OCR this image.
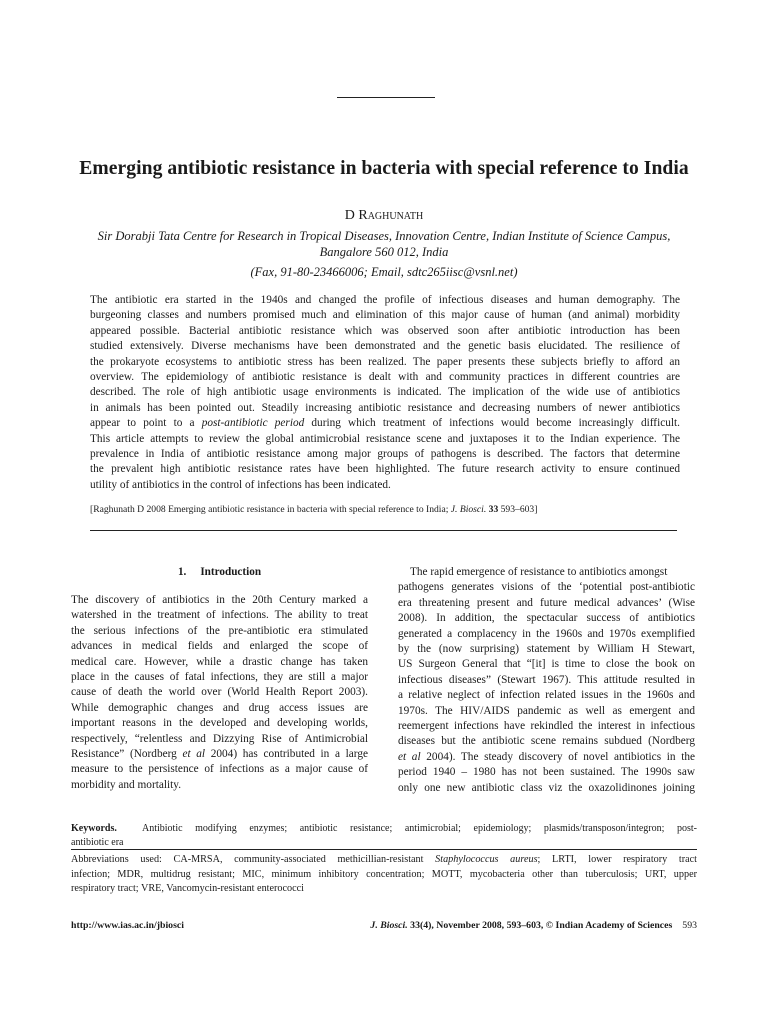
Emerging antibiotic resistance in bacteria with special reference to India
D Raghunath
Sir Dorabji Tata Centre for Research in Tropical Diseases, Innovation Centre, Indian Institute of Science Campus,
Bangalore 560 012, India
(Fax, 91-80-23466006; Email, sdtc265iisc@vsnl.net)
The antibiotic era started in the 1940s and changed the profile of infectious diseases and human demography. The
burgeoning classes and numbers promised much and elimination of this major cause of human (and animal) morbidity
appeared possible. Bacterial antibiotic resistance which was observed soon after antibiotic introduction has been
studied extensively. Diverse mechanisms have been demonstrated and the genetic basis elucidated. The resilience of
the prokaryote ecosystems to antibiotic stress has been realized. The paper presents these subjects briefly to afford an
overview. The epidemiology of antibiotic resistance is dealt with and community practices in different countries are
described. The role of high antibiotic usage environments is indicated. The implication of the wide use of antibiotics
in animals has been pointed out. Steadily increasing antibiotic resistance and decreasing numbers of newer antibiotics
appear to point to a post-antibiotic period during which treatment of infections would become increasingly difficult.
This article attempts to review the global antimicrobial resistance scene and juxtaposes it to the Indian experience. The
prevalence in India of antibiotic resistance among major groups of pathogens is described. The factors that determine
the prevalent high antibiotic resistance rates have been highlighted. The future research activity to ensure continued
utility of antibiotics in the control of infections has been indicated.
[Raghunath D 2008 Emerging antibiotic resistance in bacteria with special reference to India; J. Biosci. 33 593–603]
1. Introduction
The discovery of antibiotics in the 20th Century marked a
watershed in the treatment of infections. The ability to treat
the serious infections of the pre-antibiotic era stimulated
advances in medical fields and enlarged the scope of
medical care. However, while a drastic change has taken
place in the causes of fatal infections, they are still a major
cause of death the world over (World Health Report 2003).
While demographic changes and drug access issues are
important reasons in the developed and developing worlds,
respectively, “relentless and Dizzying Rise of Antimicrobial
Resistance” (Nordberg et al 2004) has contributed in a large
measure to the persistence of infections as a major cause of
morbidity and mortality.
The rapid emergence of resistance to antibiotics amongst
pathogens generates visions of the ‘potential post-antibiotic
era threatening present and future medical advances’ (Wise
2008). In addition, the spectacular success of antibiotics
generated a complacency in the 1960s and 1970s exemplified
by the (now surprising) statement by William H Stewart,
US Surgeon General that “[it] is time to close the book on
infectious diseases” (Stewart 1967). This attitude resulted in
a relative neglect of infection related issues in the 1960s and
1970s. The HIV/AIDS pandemic as well as emergent and
reemergent infections have rekindled the interest in infectious
diseases but the antibiotic scene remains subdued (Nordberg
et al 2004). The steady discovery of novel antibiotics in the
period 1940 – 1980 has not been sustained. The 1990s saw
only one new antibiotic class viz the oxazolidinones joining
Keywords.	Antibiotic modifying enzymes; antibiotic resistance; antimicrobial; epidemiology; plasmids/transposon/integron; post-
antibiotic era
Abbreviations used: CA-MRSA, community-associated methicillian-resistant Staphylococcus aureus; LRTI, lower respiratory tract
infection; MDR, multidrug resistant; MIC, minimum inhibitory concentration; MOTT, mycobacteria other than tuberculosis; URT, upper
respiratory tract; VRE, Vancomycin-resistant enterococci
http://www.ias.ac.in/jbiosci	J. Biosci. 33(4), November 2008, 593–603, © Indian Academy of Sciences 593
